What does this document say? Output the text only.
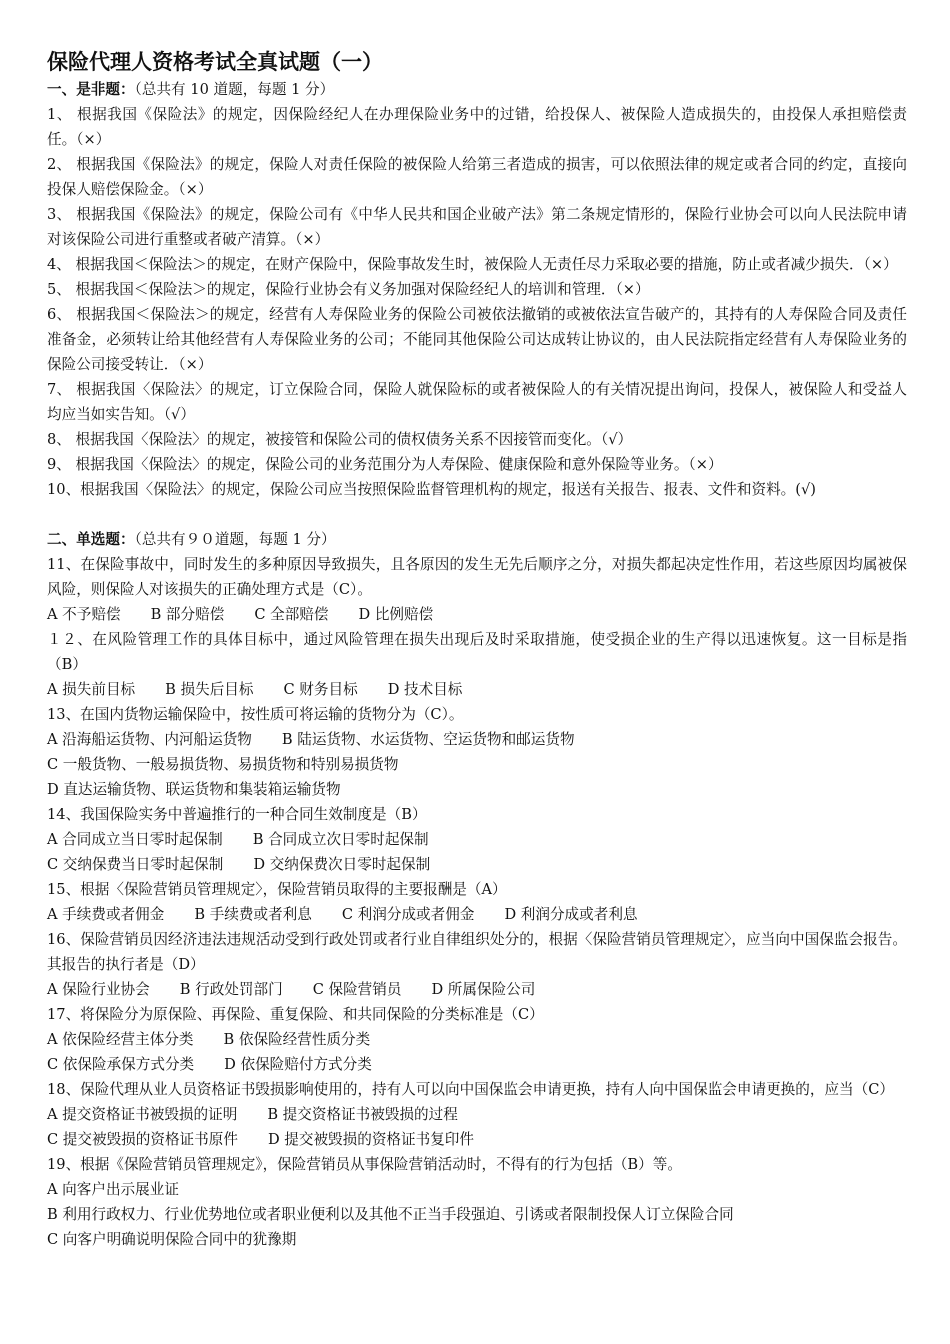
保险代理人资格考试全真试题（一）
一、是非题：（总共有 10 道题，每题 1 分）

1、 根据我国《保险法》的规定，因保险经纪人在办理保险业务中的过错，给投保人、被保险人造成损失的，由投保人承担赔偿责任。（×）

2、 根据我国《保险法》的规定，保险人对责任保险的被保险人给第三者造成的损害，可以依照法律的规定或者合同的约定，直接向投保人赔偿保险金。（×）

3、 根据我国《保险法》的规定，保险公司有《中华人民共和国企业破产法》第二条规定情形的，保险行业协会可以向人民法院申请对该保险公司进行重整或者破产清算。（×）

4、 根据我国＜保险法＞的规定，在财产保险中，保险事故发生时，被保险人无责任尽力采取必要的措施，防止或者减少损失．（×）

5、 根据我国＜保险法＞的规定，保险行业协会有义务加强对保险经纪人的培训和管理．（×）

6、 根据我国＜保险法＞的规定，经营有人寿保险业务的保险公司被依法撤销的或被依法宣告破产的，其持有的人寿保险合同及责任准备金，必须转让给其他经营有人寿保险业务的公司；不能同其他保险公司达成转让协议的，由人民法院指定经营有人寿保险业务的保险公司接受转让．（×）

7、 根据我国〈保险法〉的规定，订立保险合同，保险人就保险标的或者被保险人的有关情况提出询问，投保人，被保险人和受益人均应当如实告知。（√）

8、 根据我国〈保险法〉的规定，被接管和保险公司的债权债务关系不因接管而变化。（√）

9、 根据我国〈保险法〉的规定，保险公司的业务范围分为人寿保险、健康保险和意外保险等业务。（×）

10、根据我国〈保险法〉的规定，保险公司应当按照保险监督管理机构的规定，报送有关报告、报表、文件和资料。(√)

二、单选题：（总共有９０道题，每题 1 分）

11、在保险事故中，同时发生的多种原因导致损失，且各原因的发生无先后顺序之分，对损失都起决定性作用，若这些原因均属被保风险，则保险人对该损失的正确处理方式是（C）。

A 不予赔偿 B 部分赔偿 C 全部赔偿 D 比例赔偿

１２、在风险管理工作的具体目标中，通过风险管理在损失出现后及时采取措施，使受损企业的生产得以迅速恢复。这一目标是指（B）

A 损失前目标 B 损失后目标 C 财务目标 D 技术目标

13、在国内货物运输保险中，按性质可将运输的货物分为（C）。

A 沿海船运货物、内河船运货物 B 陆运货物、水运货物、空运货物和邮运货物

C 一般货物、一般易损货物、易损货物和特别易损货物

D 直达运输货物、联运货物和集装箱运输货物

14、我国保险实务中普遍推行的一种合同生效制度是（B）

A 合同成立当日零时起保制 B 合同成立次日零时起保制

C 交纳保费当日零时起保制 D 交纳保费次日零时起保制

15、根据〈保险营销员管理规定〉，保险营销员取得的主要报酬是（A）

A 手续费或者佣金 B 手续费或者利息 C 利润分成或者佣金 D 利润分成或者利息

16、保险营销员因经济违法违规活动受到行政处罚或者行业自律组织处分的，根据〈保险营销员管理规定〉，应当向中国保监会报告。其报告的执行者是（D）

A 保险行业协会 B 行政处罚部门 C 保险营销员 D 所属保险公司

17、将保险分为原保险、再保险、重复保险、和共同保险的分类标准是（C）

A 依保险经营主体分类 B 依保险经营性质分类

C 依保险承保方式分类 D 依保险赔付方式分类

18、保险代理从业人员资格证书毁损影响使用的，持有人可以向中国保监会申请更换，持有人向中国保监会申请更换的，应当（C）

A 提交资格证书被毁损的证明 B 提交资格证书被毁损的过程

C 提交被毁损的资格证书原件 D 提交被毁损的资格证书复印件

19、根据《保险营销员管理规定》，保险营销员从事保险营销活动时，不得有的行为包括（B）等。

A 向客户出示展业证

B 利用行政权力、行业优势地位或者职业便利以及其他不正当手段强迫、引诱或者限制投保人订立保险合同

C 向客户明确说明保险合同中的犹豫期
